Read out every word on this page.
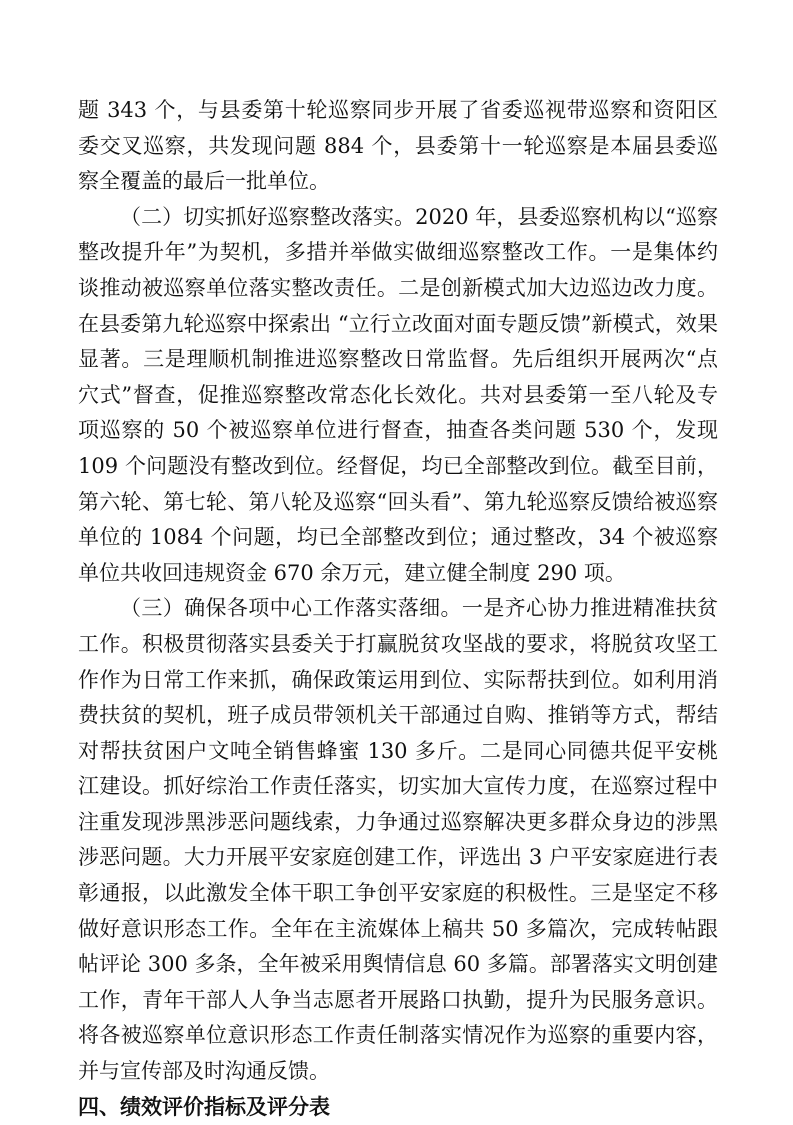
题 343 个，与县委第十轮巡察同步开展了省委巡视带巡察和资阳区委交叉巡察，共发现问题 884 个，县委第十一轮巡察是本届县委巡察全覆盖的最后一批单位。

（二）切实抓好巡察整改落实。2020 年，县委巡察机构以“巡察整改提升年”为契机，多措并举做实做细巡察整改工作。一是集体约谈推动被巡察单位落实整改责任。二是创新模式加大边巡边改力度。在县委第九轮巡察中探索出 “立行立改面对面专题反馈”新模式，效果显著。三是理顺机制推进巡察整改日常监督。先后组织开展两次“点穴式”督查，促推巡察整改常态化长效化。共对县委第一至八轮及专项巡察的 50 个被巡察单位进行督查，抽查各类问题 530 个，发现 109 个问题没有整改到位。经督促，均已全部整改到位。截至目前，第六轮、第七轮、第八轮及巡察“回头看”、第九轮巡察反馈给被巡察单位的 1084 个问题，均已全部整改到位；通过整改，34 个被巡察单位共收回违规资金 670 余万元，建立健全制度 290 项。

（三）确保各项中心工作落实落细。一是齐心协力推进精准扶贫工作。积极贯彻落实县委关于打赢脱贫攻坚战的要求，将脱贫攻坚工作作为日常工作来抓，确保政策运用到位、实际帮扶到位。如利用消费扶贫的契机，班子成员带领机关干部通过自购、推销等方式，帮结对帮扶贫困户文吨全销售蜂蜜 130 多斤。二是同心同德共促平安桃江建设。抓好综治工作责任落实，切实加大宣传力度，在巡察过程中注重发现涉黑涉恶问题线索，力争通过巡察解决更多群众身边的涉黑涉恶问题。大力开展平安家庭创建工作，评选出 3 户平安家庭进行表彰通报，以此激发全体干职工争创平安家庭的积极性。三是坚定不移做好意识形态工作。全年在主流媒体上稿共 50 多篇次，完成转帖跟帖评论 300 多条，全年被采用舆情信息 60 多篇。部署落实文明创建工作，青年干部人人争当志愿者开展路口执勤，提升为民服务意识。将各被巡察单位意识形态工作责任制落实情况作为巡察的重要内容，并与宣传部及时沟通反馈。

四、绩效评价指标及评分表
